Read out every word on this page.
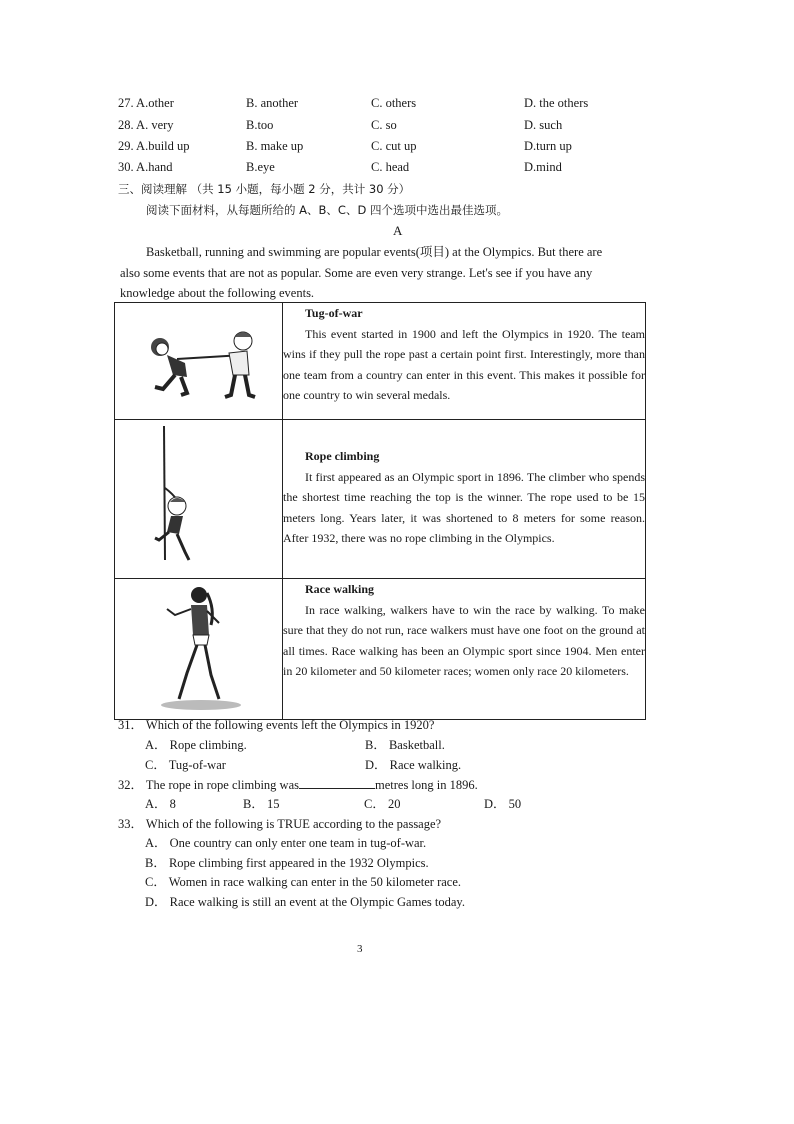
27. A.other	B. another	C. others	D. the others
28. A. very	B.too	C. so	D. such
29. A.build up	B. make up	C. cut up	D.turn up
30. A.hand	B.eye	C. head	D.mind
三、阅读理解 （共 15 小题，每小题 2 分，共计 30 分）
阅读下面材料，从每题所给的 A、B、C、D 四个选项中选出最佳选项。
A
Basketball, running and swimming are popular events(项目) at the Olympics. But there are also some events that are not as popular. Some are even very strange. Let's see if you have any knowledge about the following events.

Tug-of-war
This event started in 1900 and left the Olympics in 1920. The team wins if they pull the rope past a certain point first. Interestingly, more than one team from a country can enter in this event. This makes it possible for one country to win several medals.

Rope climbing
It first appeared as an Olympic sport in 1896. The climber who spends the shortest time reaching the top is the winner. The rope used to be 15 meters long. Years later, it was shortened to 8 meters for some reason. After 1932, there was no rope climbing in the Olympics.

Race walking
In race walking, walkers have to win the race by walking. To make sure that they do not run, race walkers must have one foot on the ground at all times. Race walking has been an Olympic sport since 1904. Men enter in 20 kilometer and 50 kilometer races; women only race 20 kilometers.
31． Which of the following events left the Olympics in 1920?
A． Rope climbing.	B． Basketball.
C． Tug-of-war	D． Race walking.
32． The rope in rope climbing was	metres long in 1896.
A． 8	B． 15	C． 20	D． 50
33． Which of the following is TRUE according to the passage?
A． One country can only enter one team in tug-of-war.
B． Rope climbing first appeared in the 1932 Olympics.
C． Women in race walking can enter in the 50 kilometer race.
D． Race walking is still an event at the Olympic Games today.
3
